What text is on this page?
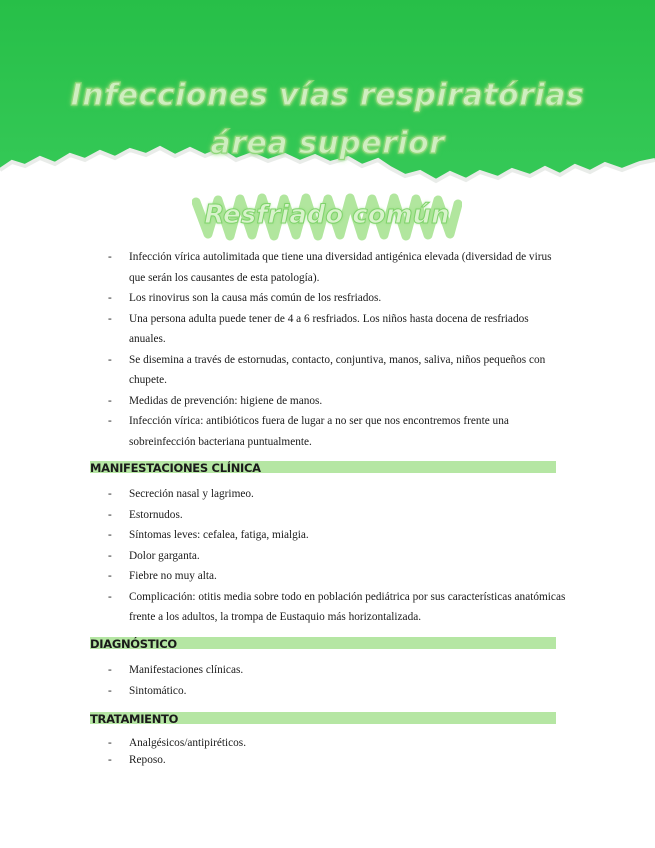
Infecciones vías respiratórias
área superior
Resfriado común
- Infección vírica autolimitada que tiene una diversidad antigénica elevada (diversidad de virus que serán los causantes de esta patología).
- Los rinovirus son la causa más común de los resfriados.
- Una persona adulta puede tener de 4 a 6 resfriados. Los niños hasta docena de resfriados anuales.
- Se disemina a través de estornudas, contacto, conjuntiva, manos, saliva, niños pequeños con chupete.
- Medidas de prevención: higiene de manos.
- Infección vírica: antibióticos fuera de lugar a no ser que nos encontremos frente una sobreinfección bacteriana puntualmente.
MANIFESTACIONES CLÍNICA
- Secreción nasal y lagrimeo.
- Estornudos.
- Síntomas leves: cefalea, fatiga, mialgia.
- Dolor garganta.
- Fiebre no muy alta.
- Complicación: otitis media sobre todo en población pediátrica por sus características anatómicas frente a los adultos, la trompa de Eustaquio más horizontalizada.
DIAGNÓSTICO
- Manifestaciones clínicas.
- Sintomático.
TRATAMIENTO
- Analgésicos/antipiréticos.
- Reposo.
